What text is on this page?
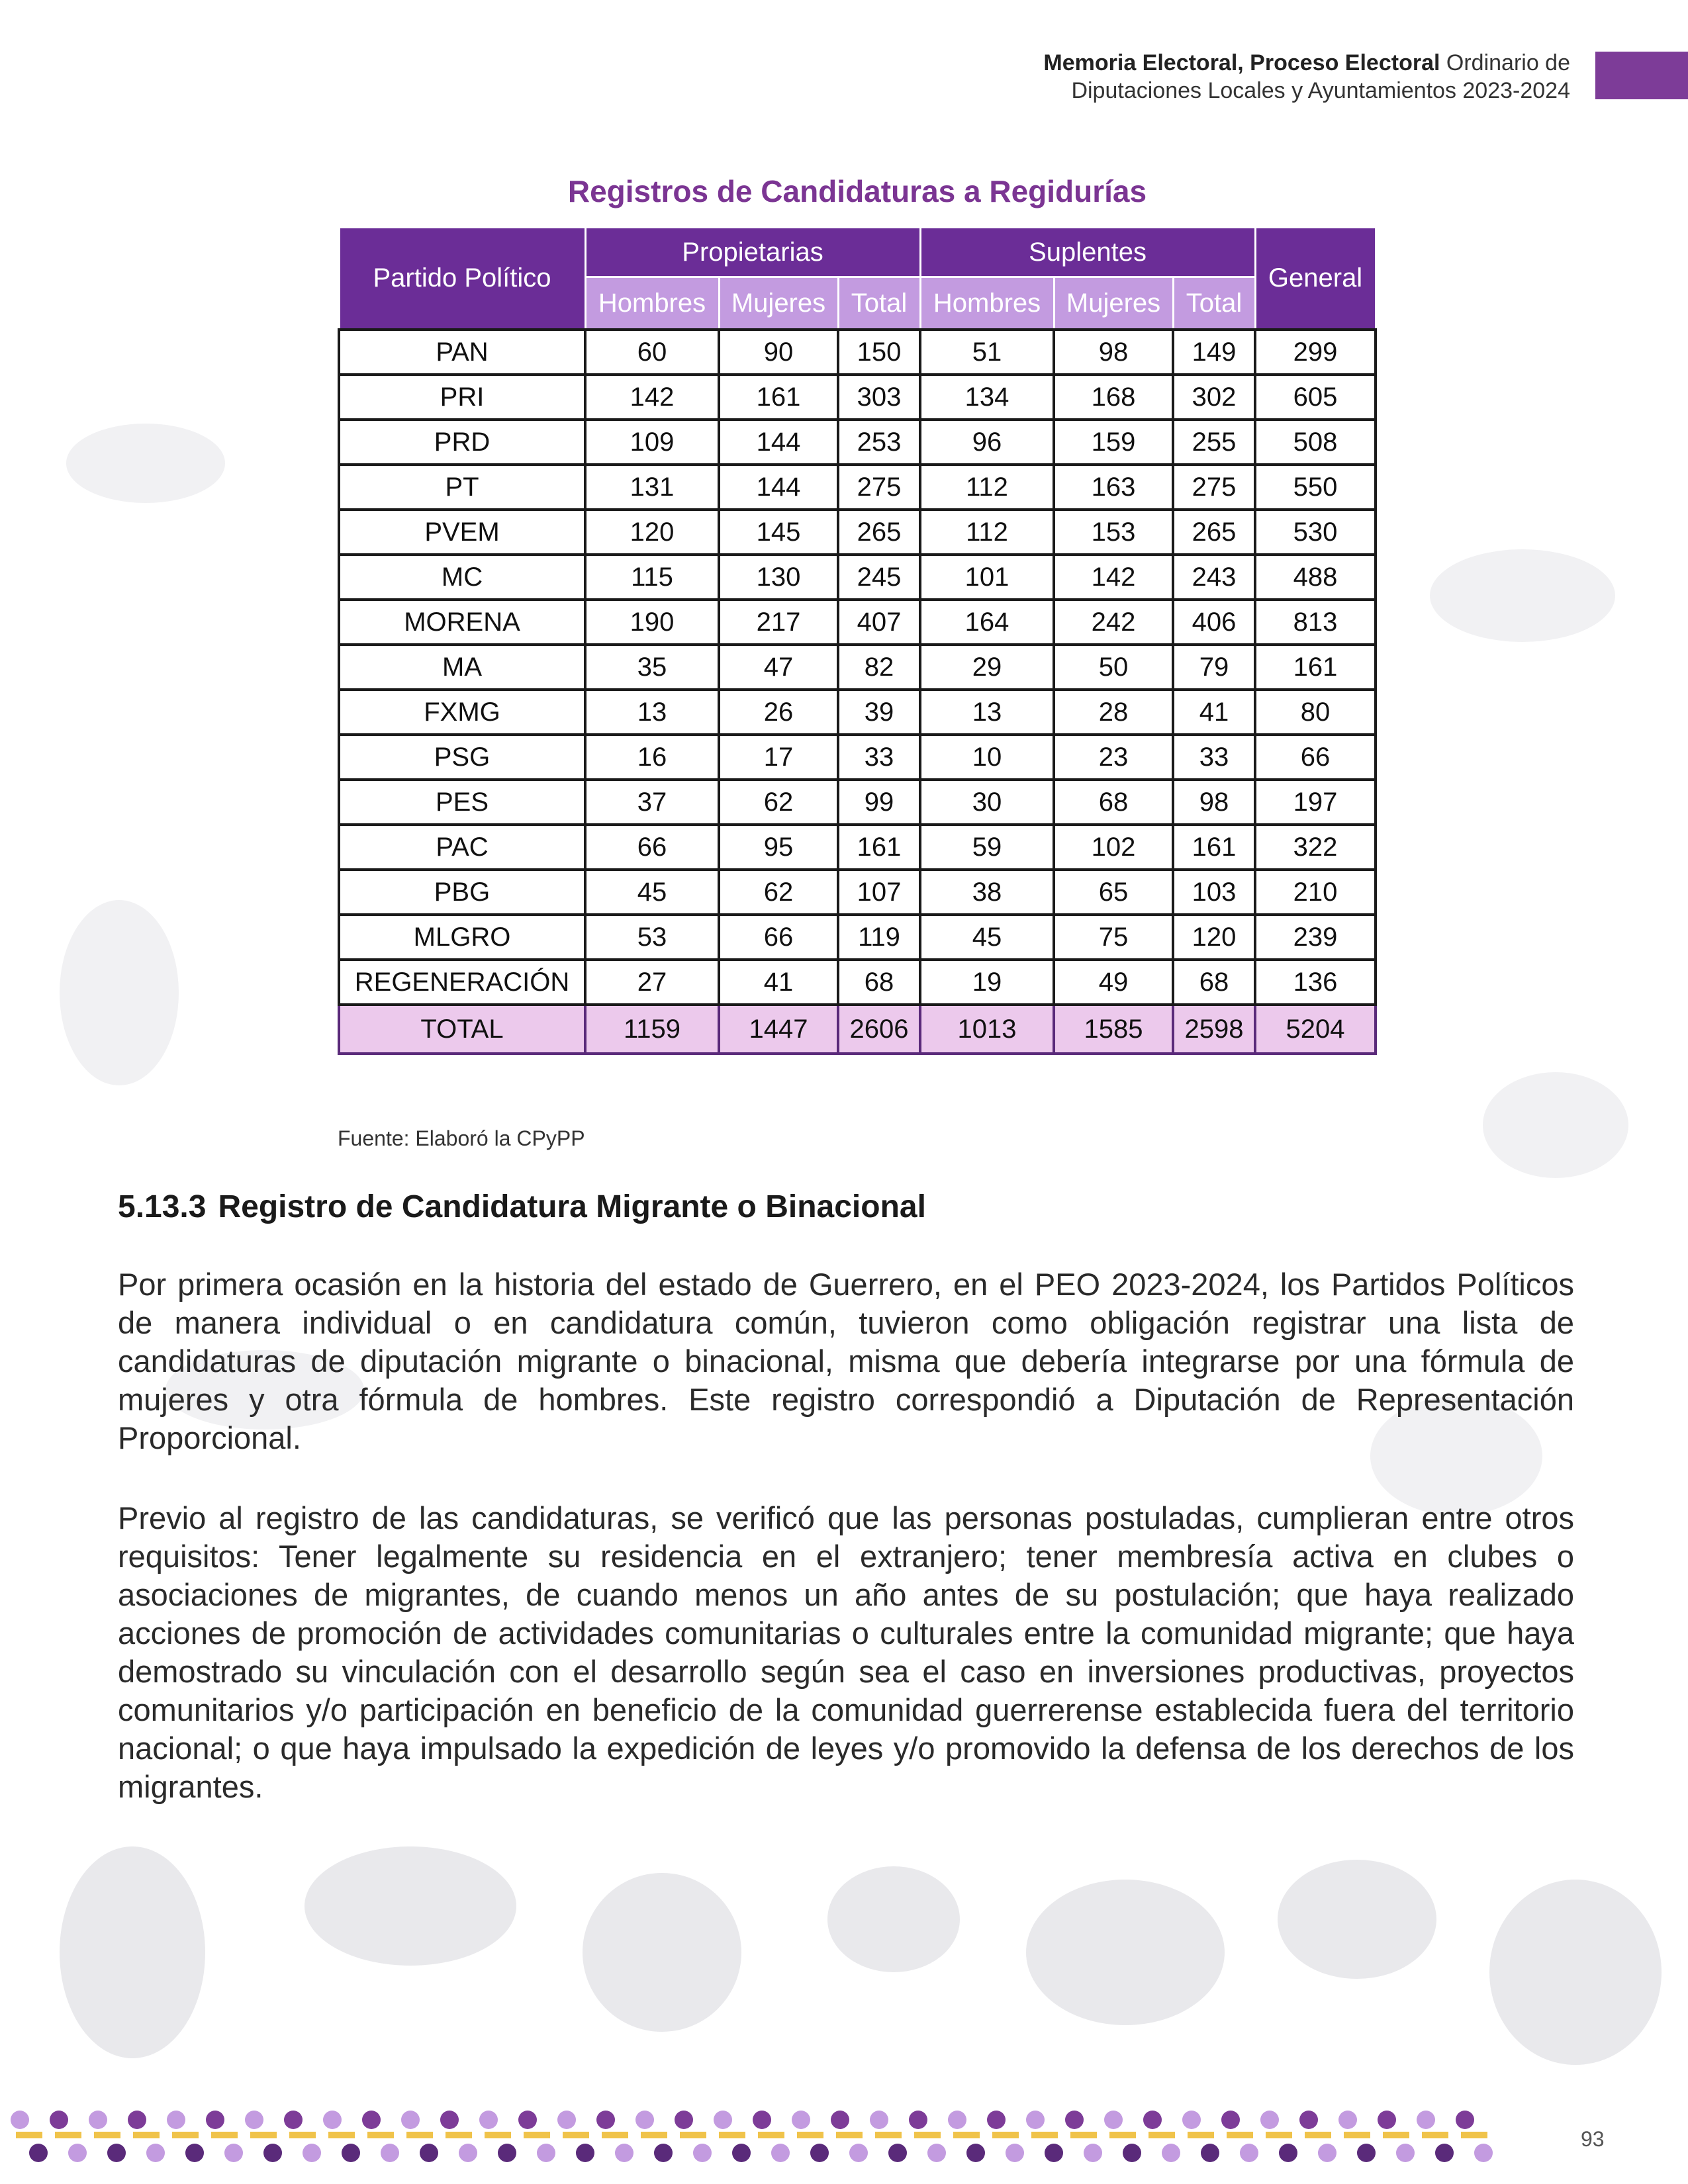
Memoria Electoral, Proceso Electoral Ordinario de
Diputaciones Locales y Ayuntamientos 2023-2024
Registros de Candidaturas a Regidurías
Partido Político	Propietarias			Suplentes			General
	Hombres	Mujeres	Total	Hombres	Mujeres	Total	
PAN	60	90	150	51	98	149	299
PRI	142	161	303	134	168	302	605
PRD	109	144	253	96	159	255	508
PT	131	144	275	112	163	275	550
PVEM	120	145	265	112	153	265	530
MC	115	130	245	101	142	243	488
MORENA	190	217	407	164	242	406	813
MA	35	47	82	29	50	79	161
FXMG	13	26	39	13	28	41	80
PSG	16	17	33	10	23	33	66
PES	37	62	99	30	68	98	197
PAC	66	95	161	59	102	161	322
PBG	45	62	107	38	65	103	210
MLGRO	53	66	119	45	75	120	239
REGENERACIÓN	27	41	68	19	49	68	136
TOTAL	1159	1447	2606	1013	1585	2598	5204
Fuente: Elaboró la CPyPP
5.13.3 Registro de Candidatura Migrante o Binacional
Por primera ocasión en la historia del estado de Guerrero, en el PEO 2023-2024, los Partidos Políticos de manera individual o en candidatura común, tuvieron como obligación registrar una lista de candidaturas de diputación migrante o binacional, misma que debería integrarse por una fórmula de mujeres y otra fórmula de hombres. Este registro correspondió a Diputación de Representación Proporcional.
Previo al registro de las candidaturas, se verificó que las personas postuladas, cumplieran entre otros requisitos: Tener legalmente su residencia en el extranjero; tener membresía activa en clubes o asociaciones de migrantes, de cuando menos un año antes de su postulación; que haya realizado acciones de promoción de actividades comunitarias o culturales entre la comunidad migrante; que haya demostrado su vinculación con el desarrollo según sea el caso en inversiones productivas, proyectos comunitarios y/o participación en beneficio de la comunidad guerrerense establecida fuera del territorio nacional; o que haya impulsado la expedición de leyes y/o promovido la defensa de los derechos de los migrantes.
93
